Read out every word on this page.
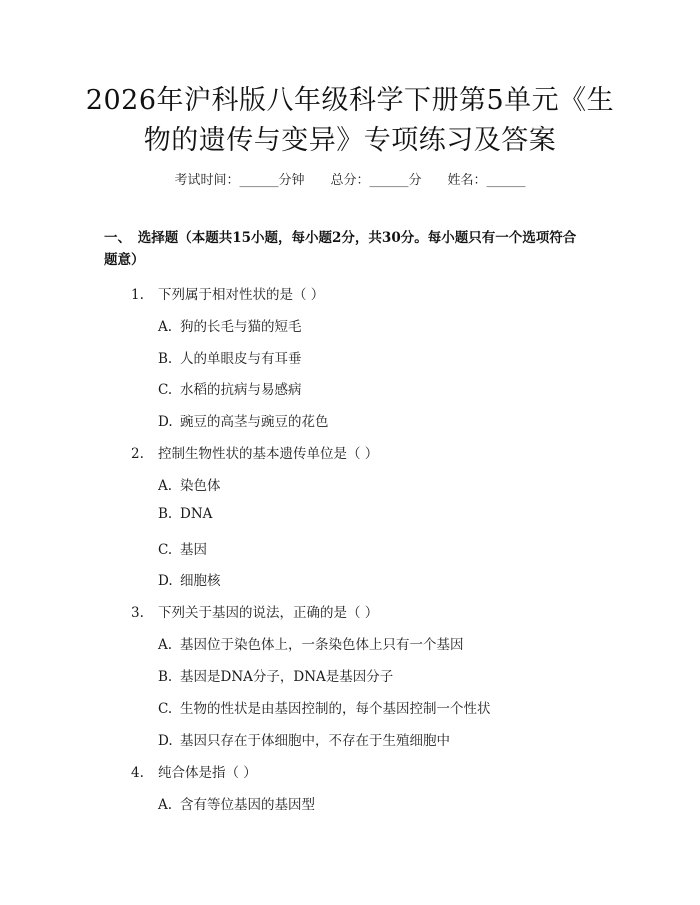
2026年沪科版八年级科学下册第5单元《生
物的遗传与变异》专项练习及答案
考试时间：______分钟　　总分：______分　　姓名：______
一、　选择题（本题共15小题，每小题2分，共30分。每小题只有一个选项符合
题意）
1. 下列属于相对性状的是（ ）
A. 狗的长毛与猫的短毛
B. 人的单眼皮与有耳垂
C. 水稻的抗病与易感病
D. 豌豆的高茎与豌豆的花色
2. 控制生物性状的基本遗传单位是（ ）
A. 染色体
B. DNA
C. 基因
D. 细胞核
3. 下列关于基因的说法，正确的是（ ）
A. 基因位于染色体上，一条染色体上只有一个基因
B. 基因是DNA分子，DNA是基因分子
C. 生物的性状是由基因控制的，每个基因控制一个性状
D. 基因只存在于体细胞中，不存在于生殖细胞中
4. 纯合体是指（ ）
A. 含有等位基因的基因型
